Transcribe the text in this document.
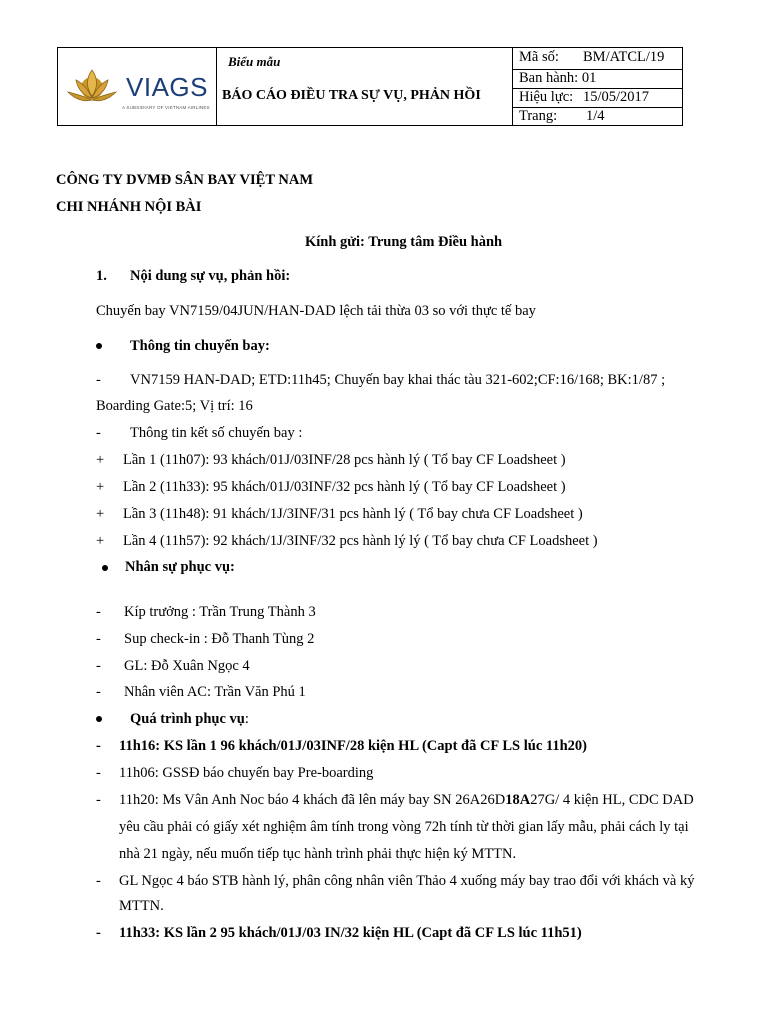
VIAGS
A SUBSIDIARY OF VIETNAM AIRLINES
Biểu mẫu
BÁO CÁO ĐIỀU TRA SỰ VỤ, PHẢN HỒI
Mã số: BM/ATCL/19
Ban hành: 01
Hiệu lực: 15/05/2017
Trang: 1/4
CÔNG TY DVMĐ SÂN BAY VIỆT NAM
CHI NHÁNH NỘI BÀI
Kính gửi: Trung tâm Điều hành
1. Nội dung sự vụ, phản hồi:
Chuyến bay VN7159/04JUN/HAN-DAD lệch tải thừa 03 so với thực tế bay
Thông tin chuyến bay:
- VN7159 HAN-DAD; ETD:11h45; Chuyến bay khai thác tàu 321-602;CF:16/168; BK:1/87 ;
Boarding Gate:5; Vị trí: 16
- Thông tin kết số chuyến bay :
+ Lần 1 (11h07): 93 khách/01J/03INF/28 pcs hành lý ( Tổ bay CF Loadsheet )
+ Lần 2 (11h33): 95 khách/01J/03INF/32 pcs hành lý ( Tổ bay CF Loadsheet )
+ Lần 3 (11h48): 91 khách/1J/3INF/31 pcs hành lý ( Tổ bay chưa CF Loadsheet )
+ Lần 4 (11h57): 92 khách/1J/3INF/32 pcs hành lý lý ( Tổ bay chưa CF Loadsheet )
Nhân sự phục vụ:
- Kíp trưởng : Trần Trung Thành 3
- Sup check-in : Đỗ Thanh Tùng 2
- GL: Đỗ Xuân Ngọc 4
- Nhân viên AC: Trần Văn Phú 1
Quá trình phục vụ:
- 11h16: KS lần 1 96 khách/01J/03INF/28 kiện HL (Capt đã CF LS lúc 11h20)
- 11h06: GSSĐ báo chuyến bay Pre-boarding
- 11h20: Ms Vân Anh Noc báo 4 khách đã lên máy bay SN 26A26D18A27G/ 4 kiện HL, CDC DAD
yêu cầu phải có giấy xét nghiệm âm tính trong vòng 72h tính từ thời gian lấy mẫu, phải cách ly tại
nhà 21 ngày, nếu muốn tiếp tục hành trình phải thực hiện ký MTTN.
- GL Ngọc 4 báo STB hành lý, phân công nhân viên Thảo 4 xuống máy bay trao đổi với khách và ký
MTTN.
- 11h33: KS lần 2 95 khách/01J/03 IN/32 kiện HL (Capt đã CF LS lúc 11h51)
